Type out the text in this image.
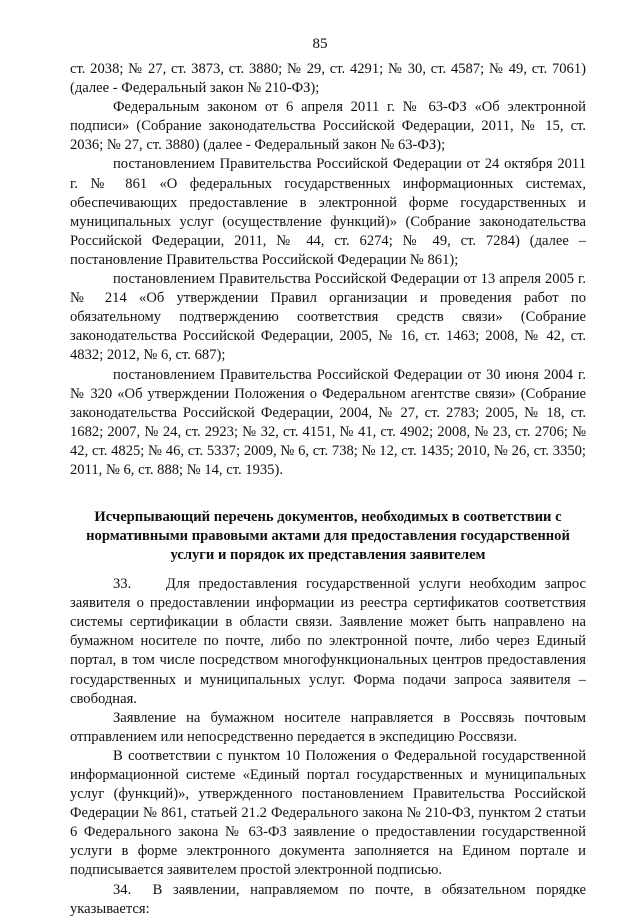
85

ст. 2038; № 27, ст. 3873, ст. 3880; № 29, ст. 4291; № 30, ст. 4587; № 49, ст. 7061) (далее - Федеральный закон № 210-ФЗ);

Федеральным законом от 6 апреля 2011 г. № 63-ФЗ «Об электронной подписи» (Собрание законодательства Российской Федерации, 2011, № 15, ст. 2036; № 27, ст. 3880) (далее - Федеральный закон № 63-ФЗ);

постановлением Правительства Российской Федерации от 24 октября 2011 г. № 861 «О федеральных государственных информационных системах, обеспечивающих предоставление в электронной форме государственных и муниципальных услуг (осуществление функций)» (Собрание законодательства Российской Федерации, 2011, № 44, ст. 6274; № 49, ст. 7284) (далее – постановление Правительства Российской Федерации № 861);

постановлением Правительства Российской Федерации от 13 апреля 2005 г. № 214 «Об утверждении Правил организации и проведения работ по обязательному подтверждению соответствия средств связи» (Собрание законодательства Российской Федерации, 2005, № 16, ст. 1463; 2008, № 42, ст. 4832; 2012, № 6, ст. 687);

постановлением Правительства Российской Федерации от 30 июня 2004 г. № 320 «Об утверждении Положения о Федеральном агентстве связи» (Собрание законодательства Российской Федерации, 2004, № 27, ст. 2783; 2005, № 18, ст. 1682; 2007, № 24, ст. 2923; № 32, ст. 4151, № 41, ст. 4902; 2008, № 23, ст. 2706; № 42, ст. 4825; № 46, ст. 5337; 2009, № 6, ст. 738; № 12, ст. 1435; 2010, № 26, ст. 3350; 2011, № 6, ст. 888; № 14, ст. 1935).

Исчерпывающий перечень документов, необходимых в соответствии с нормативными правовыми актами для предоставления государственной услуги и порядок их представления заявителем

33.    Для предоставления государственной услуги необходим запрос заявителя о предоставлении информации из реестра сертификатов соответствия системы сертификации в области связи. Заявление может быть направлено на бумажном носителе по почте, либо по электронной почте, либо через Единый портал, в том числе посредством многофункциональных центров предоставления государственных и муниципальных услуг. Форма подачи запроса заявителя – свободная.

Заявление на бумажном носителе направляется в Россвязь почтовым отправлением или непосредственно передается в экспедицию Россвязи.

В соответствии с пунктом 10 Положения о Федеральной государственной информационной системе «Единый портал государственных и муниципальных услуг (функций)», утвержденного постановлением Правительства Российской Федерации № 861, статьей 21.2 Федерального закона № 210-ФЗ, пунктом 2 статьи 6 Федерального закона № 63-ФЗ заявление о предоставлении государственной услуги в форме электронного документа заполняется на Едином портале и подписывается заявителем простой электронной подписью.

34.  В заявлении, направляемом по почте, в обязательном порядке указывается:
